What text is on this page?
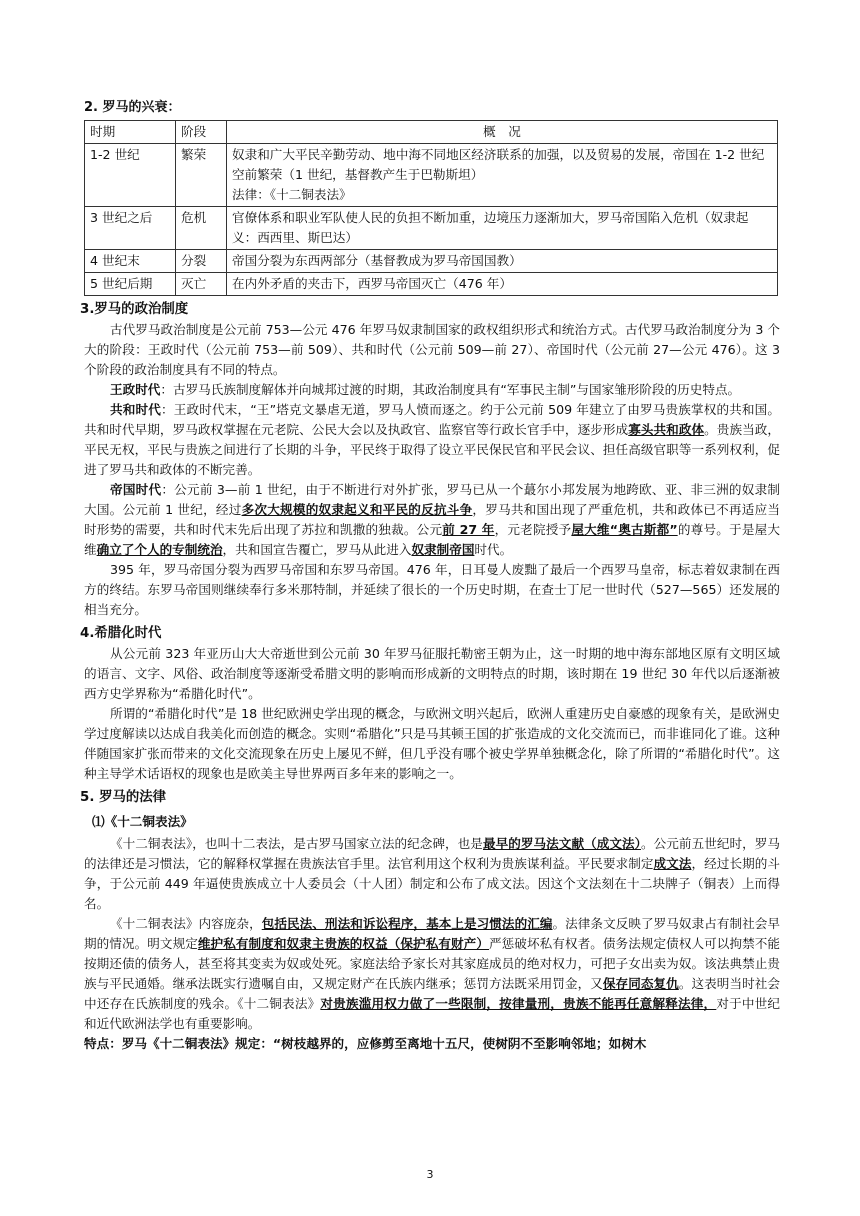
2. 罗马的兴衰：
时期	阶段	概　况
1-2 世纪	繁荣	奴隶和广大平民辛勤劳动、地中海不同地区经济联系的加强，以及贸易的发展，帝国在 1-2 世纪空前繁荣（1 世纪，基督教产生于巴勒斯坦）
法律：《十二铜表法》

3 世纪之后	危机	官僚体系和职业军队使人民的负担不断加重，边境压力逐渐加大，罗马帝国陷入危机（奴隶起义：西西里、斯巴达）
4 世纪末	分裂	帝国分裂为东西两部分（基督教成为罗马帝国国教）
5 世纪后期	灭亡	在内外矛盾的夹击下，西罗马帝国灭亡（476 年）
3.罗马的政治制度

古代罗马政治制度是公元前 753—公元 476 年罗马奴隶制国家的政权组织形式和统治方式。古代罗马政治制度分为 3 个大的阶段：王政时代（公元前 753—前 509）、共和时代（公元前 509—前 27）、帝国时代（公元前 27—公元 476）。这 3 个阶段的政治制度具有不同的特点。

王政时代：古罗马氏族制度解体并向城邦过渡的时期，其政治制度具有“军事民主制”与国家雏形阶段的历史特点。

共和时代：王政时代末，“王”塔克文暴虐无道，罗马人愤而逐之。约于公元前 509 年建立了由罗马贵族掌权的共和国。共和时代早期，罗马政权掌握在元老院、公民大会以及执政官、监察官等行政长官手中，逐步形成寡头共和政体。贵族当政，平民无权，平民与贵族之间进行了长期的斗争，平民终于取得了设立平民保民官和平民会议、担任高级官职等一系列权利，促进了罗马共和政体的不断完善。

帝国时代：公元前 3—前 1 世纪，由于不断进行对外扩张，罗马已从一个蕞尔小邦发展为地跨欧、亚、非三洲的奴隶制大国。公元前 1 世纪，经过多次大规模的奴隶起义和平民的反抗斗争，罗马共和国出现了严重危机，共和政体已不再适应当时形势的需要，共和时代末先后出现了苏拉和凯撒的独裁。公元前 27 年，元老院授予屋大维“奥古斯都”的尊号。于是屋大维确立了个人的专制统治，共和国宣告覆亡，罗马从此进入奴隶制帝国时代。

395 年，罗马帝国分裂为西罗马帝国和东罗马帝国。476 年，日耳曼人废黜了最后一个西罗马皇帝，标志着奴隶制在西方的终结。东罗马帝国则继续奉行多米那特制，并延续了很长的一个历史时期，在查士丁尼一世时代（527—565）还发展的相当充分。

4.希腊化时代

从公元前 323 年亚历山大大帝逝世到公元前 30 年罗马征服托勒密王朝为止，这一时期的地中海东部地区原有文明区域的语言、文字、风俗、政治制度等逐渐受希腊文明的影响而形成新的文明特点的时期，该时期在 19 世纪 30 年代以后逐渐被西方史学界称为“希腊化时代”。

所谓的“希腊化时代”是 18 世纪欧洲史学出现的概念，与欧洲文明兴起后，欧洲人重建历史自豪感的现象有关，是欧洲史学过度解读以达成自我美化而创造的概念。实则“希腊化”只是马其顿王国的扩张造成的文化交流而已，而非谁同化了谁。这种伴随国家扩张而带来的文化交流现象在历史上屡见不鲜，但几乎没有哪个被史学界单独概念化，除了所谓的“希腊化时代”。这种主导学术话语权的现象也是欧美主导世界两百多年来的影响之一。

5. 罗马的法律
⑴《十二铜表法》

《十二铜表法》，也叫十二表法，是古罗马国家立法的纪念碑，也是最早的罗马法文献（成文法）。公元前五世纪时，罗马的法律还是习惯法，它的解释权掌握在贵族法官手里。法官利用这个权利为贵族谋利益。平民要求制定成文法，经过长期的斗争，于公元前 449 年逼使贵族成立十人委员会（十人团）制定和公布了成文法。因这个文法刻在十二块牌子（铜表）上而得名。

《十二铜表法》内容庞杂，包括民法、刑法和诉讼程序，基本上是习惯法的汇编。法律条文反映了罗马奴隶占有制社会早期的情况。明文规定维护私有制度和奴隶主贵族的权益（保护私有财产）严惩破坏私有权者。债务法规定债权人可以拘禁不能按期还债的债务人，甚至将其变卖为奴或处死。家庭法给予家长对其家庭成员的绝对权力，可把子女出卖为奴。该法典禁止贵族与平民通婚。继承法既实行遗嘱自由，又规定财产在氏族内继承；惩罚方法既采用罚金，又保存同态复仇。这表明当时社会中还存在氏族制度的残余。《十二铜表法》对贵族滥用权力做了一些限制，按律量刑，贵族不能再任意解释法律，对于中世纪和近代欧洲法学也有重要影响。

特点：罗马《十二铜表法》规定：“树枝越界的，应修剪至离地十五尺，使树阴不至影响邻地；如树木

3
